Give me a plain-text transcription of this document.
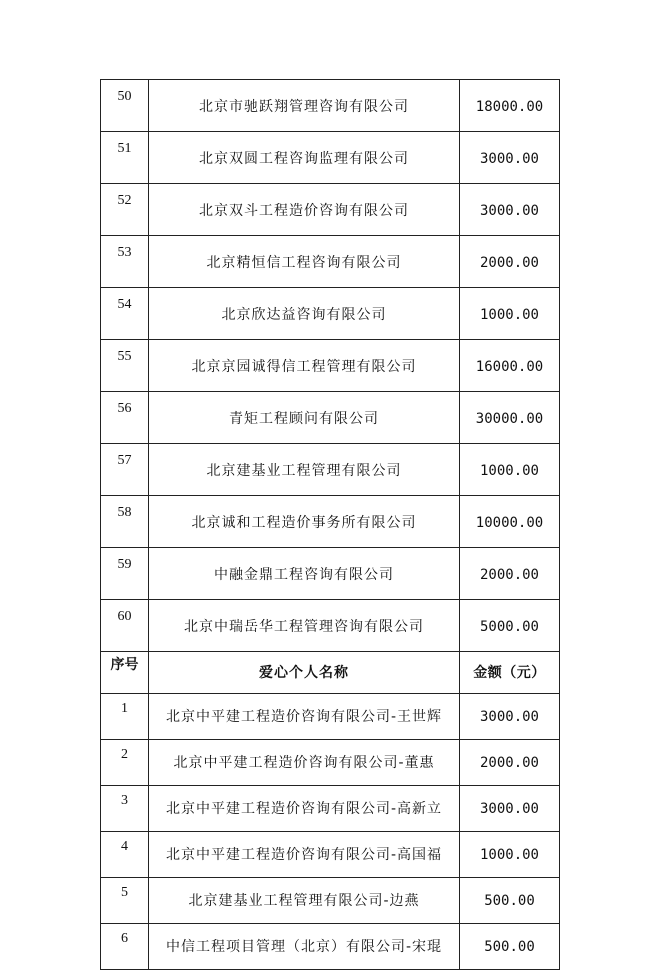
50	北京市驰跃翔管理咨询有限公司	18000.00
51	北京双圆工程咨询监理有限公司	3000.00
52	北京双斗工程造价咨询有限公司	3000.00
53	北京精恒信工程咨询有限公司	2000.00
54	北京欣达益咨询有限公司	1000.00
55	北京京园诚得信工程管理有限公司	16000.00
56	青矩工程顾问有限公司	30000.00
57	北京建基业工程管理有限公司	1000.00
58	北京诚和工程造价事务所有限公司	10000.00
59	中融金鼎工程咨询有限公司	2000.00
60	北京中瑞岳华工程管理咨询有限公司	5000.00
序号	爱心个人名称	金额（元）
1	北京中平建工程造价咨询有限公司-王世辉	3000.00
2	北京中平建工程造价咨询有限公司-董惠	2000.00
3	北京中平建工程造价咨询有限公司-高新立	3000.00
4	北京中平建工程造价咨询有限公司-高国福	1000.00
5	北京建基业工程管理有限公司-边燕	500.00
6	中信工程项目管理（北京）有限公司-宋琨	500.00
